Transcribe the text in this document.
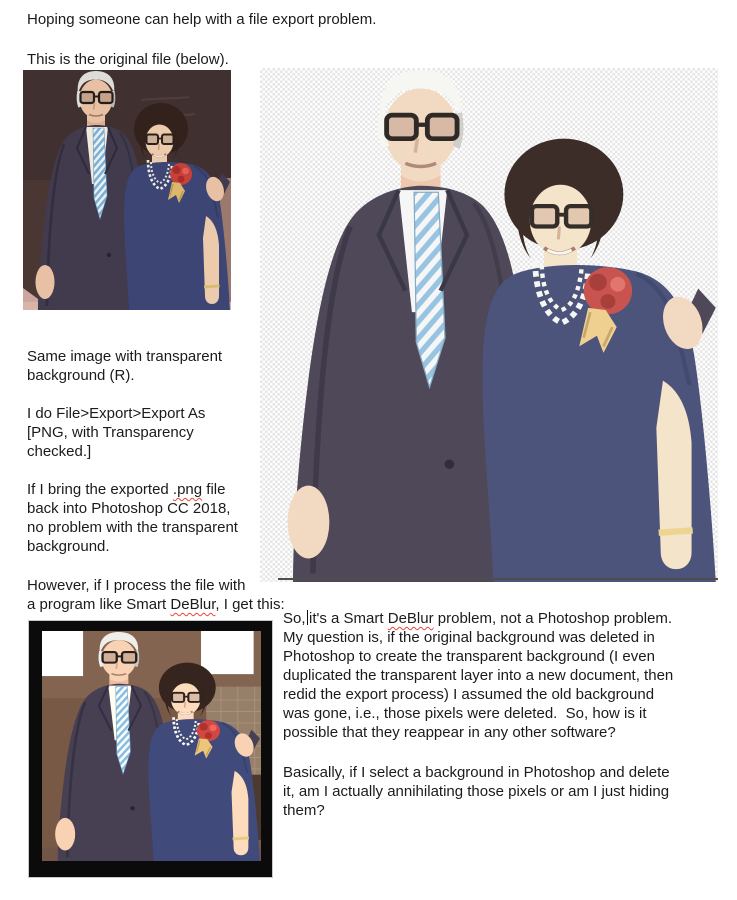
Hoping someone can help with a file export problem.
This is the original file (below).
Same image with transparent
background (R).
I do File>Export>Export As
[PNG, with Transparency
checked.]
If I bring the exported .png file
back into Photoshop CC 2018,
no problem with the transparent
background.
However, if I process the file with
a program like Smart DeBlur, I get this:
So, it's a Smart DeBlur problem, not a Photoshop problem.
My question is, if the original background was deleted in
Photoshop to create the transparent background (I even
duplicated the transparent layer into a new document, then
redid the export process) I assumed the old background
was gone, i.e., those pixels were deleted.  So, how is it
possible that they reappear in any other software?
Basically, if I select a background in Photoshop and delete
it, am I actually annihilating those pixels or am I just hiding
them?
